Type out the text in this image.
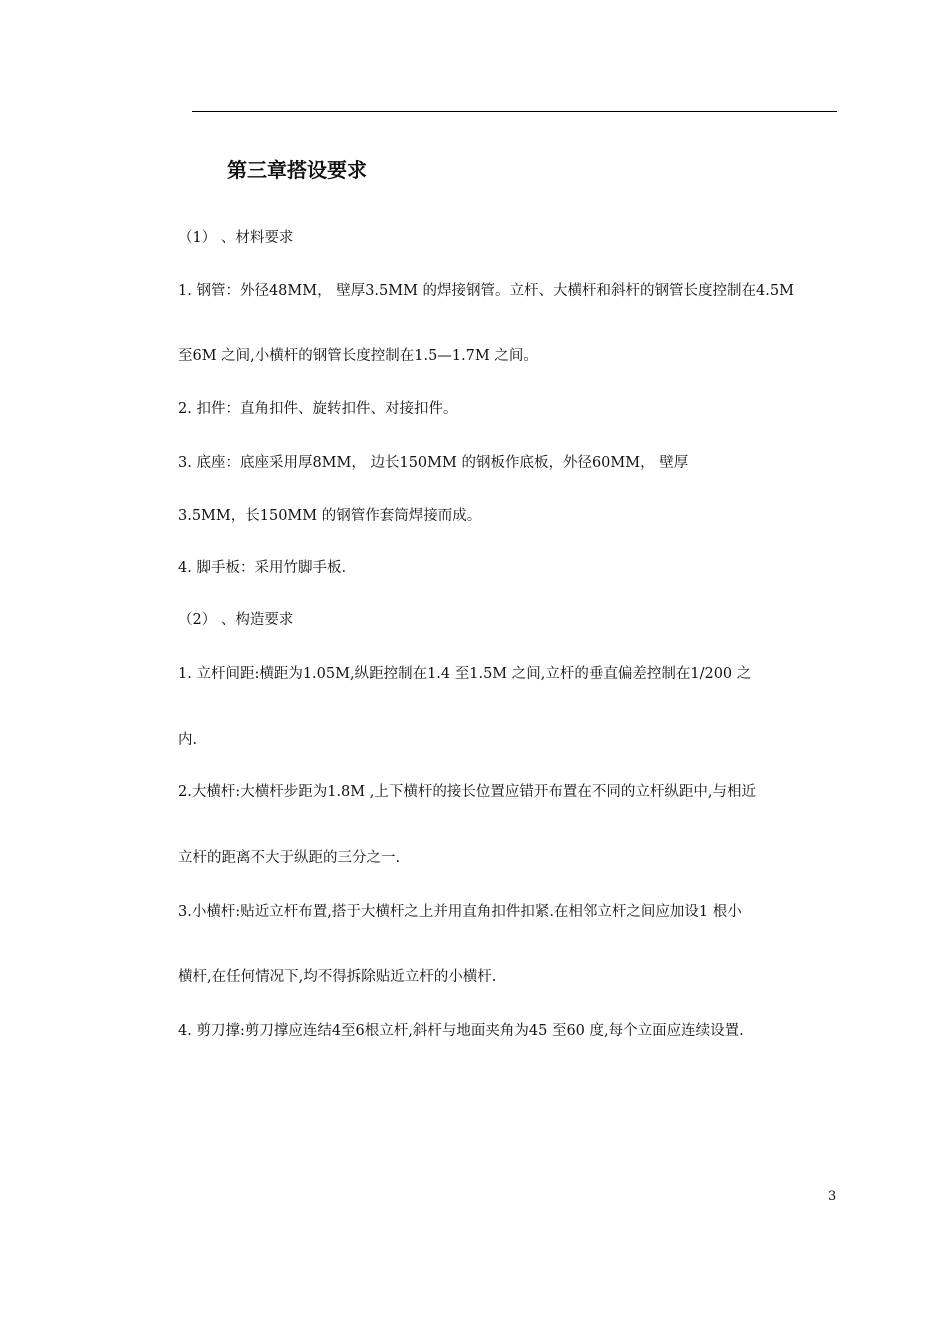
第三章搭设要求

（1） 、材料要求

1. 钢管：外径48MM， 壁厚3.5MM 的焊接钢管。立杆、大横杆和斜杆的钢管长度控制在4.5M

至6M 之间,小横杆的钢管长度控制在1.5—1.7M 之间。

2. 扣件：直角扣件、旋转扣件、对接扣件。

3. 底座：底座采用厚8MM， 边长150MM 的钢板作底板，外径60MM， 壁厚

3.5MM，长150MM 的钢管作套筒焊接而成。

4. 脚手板：采用竹脚手板.

（2） 、构造要求

1. 立杆间距:横距为1.05M,纵距控制在1.4 至1.5M 之间,立杆的垂直偏差控制在1/200 之

内.

2.大横杆:大横杆步距为1.8M ,上下横杆的接长位置应错开布置在不同的立杆纵距中,与相近

立杆的距离不大于纵距的三分之一.

3.小横杆:贴近立杆布置,搭于大横杆之上并用直角扣件扣紧.在相邻立杆之间应加设1 根小

横杆,在任何情况下,均不得拆除贴近立杆的小横杆.

4. 剪刀撑:剪刀撑应连结4至6根立杆,斜杆与地面夹角为45 至60 度,每个立面应连续设置.

3
